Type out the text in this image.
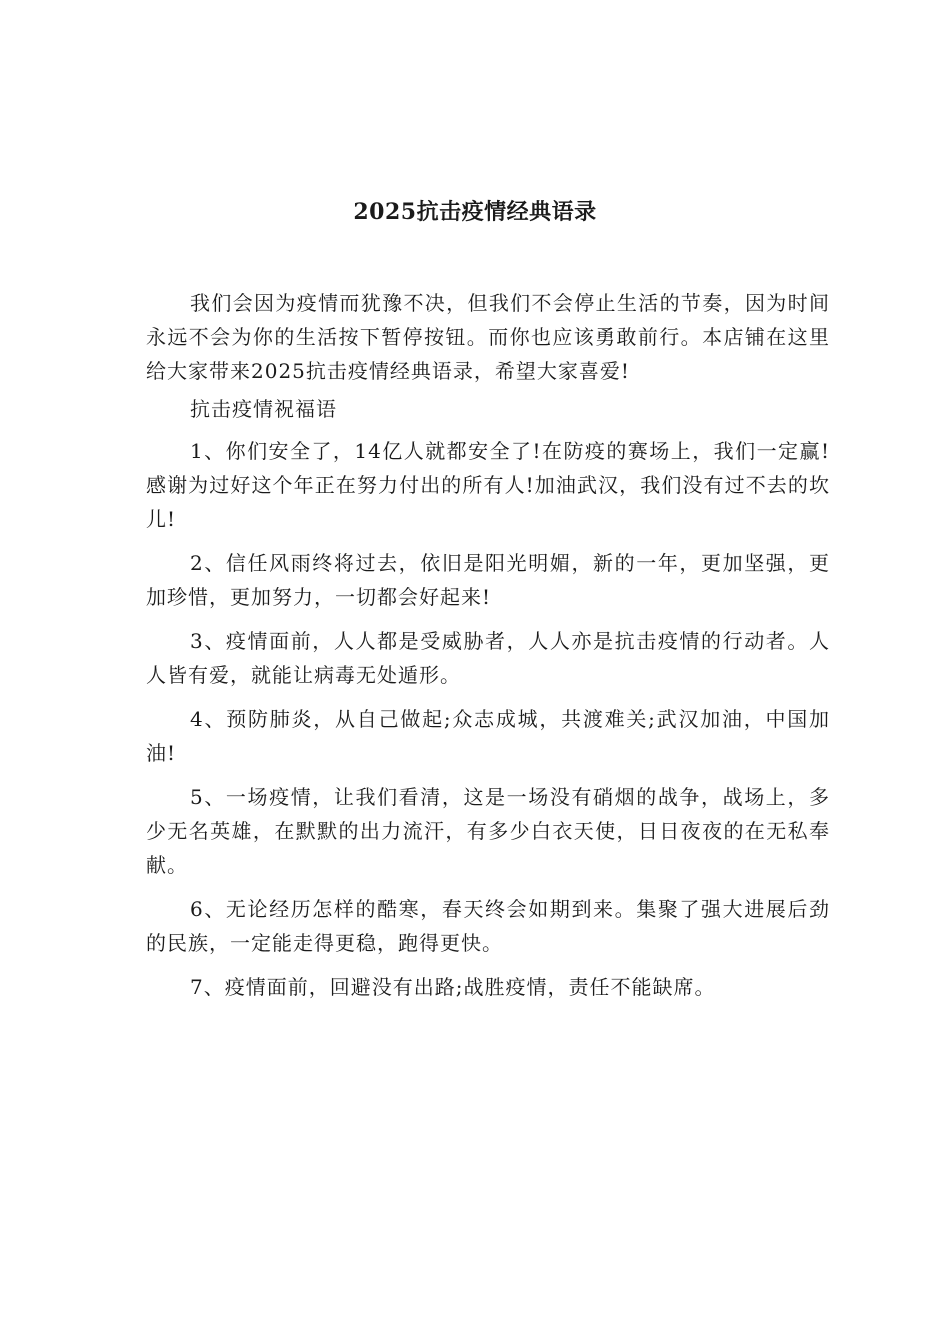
2025抗击疫情经典语录

我们会因为疫情而犹豫不决，但我们不会停止生活的节奏，因为时间永远不会为你的生活按下暂停按钮。而你也应该勇敢前行。本店铺在这里给大家带来2025抗击疫情经典语录，希望大家喜爱!

抗击疫情祝福语

1、你们安全了，14亿人就都安全了!在防疫的赛场上，我们一定赢!感谢为过好这个年正在努力付出的所有人!加油武汉，我们没有过不去的坎儿!

2、信任风雨终将过去，依旧是阳光明媚，新的一年，更加坚强，更加珍惜，更加努力，一切都会好起来!

3、疫情面前，人人都是受威胁者，人人亦是抗击疫情的行动者。人人皆有爱，就能让病毒无处遁形。

4、预防肺炎，从自己做起;众志成城，共渡难关;武汉加油，中国加油!

5、一场疫情，让我们看清，这是一场没有硝烟的战争，战场上，多少无名英雄，在默默的出力流汗，有多少白衣天使，日日夜夜的在无私奉献。

6、无论经历怎样的酷寒，春天终会如期到来。集聚了强大进展后劲的民族，一定能走得更稳，跑得更快。

7、疫情面前，回避没有出路;战胜疫情，责任不能缺席。
